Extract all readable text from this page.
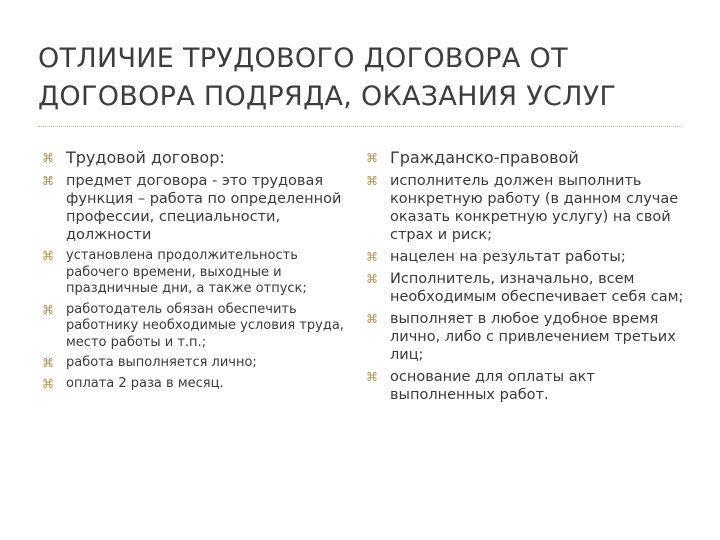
ОТЛИЧИЕ ТРУДОВОГО ДОГОВОРА ОТ ДОГОВОРА ПОДРЯДА, ОКАЗАНИЯ УСЛУГ
⌘ Трудовой договор:
⌘ предмет договора - это трудовая функция – работа по определенной профессии, специальности, должности
⌘ установлена продолжительность рабочего времени, выходные и праздничные дни, а также отпуск;
⌘ работодатель обязан обеспечить работнику необходимые условия труда, место работы и т.п.;
⌘ работа выполняется лично;
⌘ оплата 2 раза в месяц.
⌘ Гражданско-правовой
⌘ исполнитель должен выполнить конкретную работу (в данном случае оказать конкретную услугу) на свой страх и риск;
⌘ нацелен на результат работы;
⌘ Исполнитель, изначально, всем необходимым обеспечивает себя сам;
⌘ выполняет в любое удобное время лично, либо с привлечением третьих лиц;
⌘ основание для оплаты акт выполненных работ.
